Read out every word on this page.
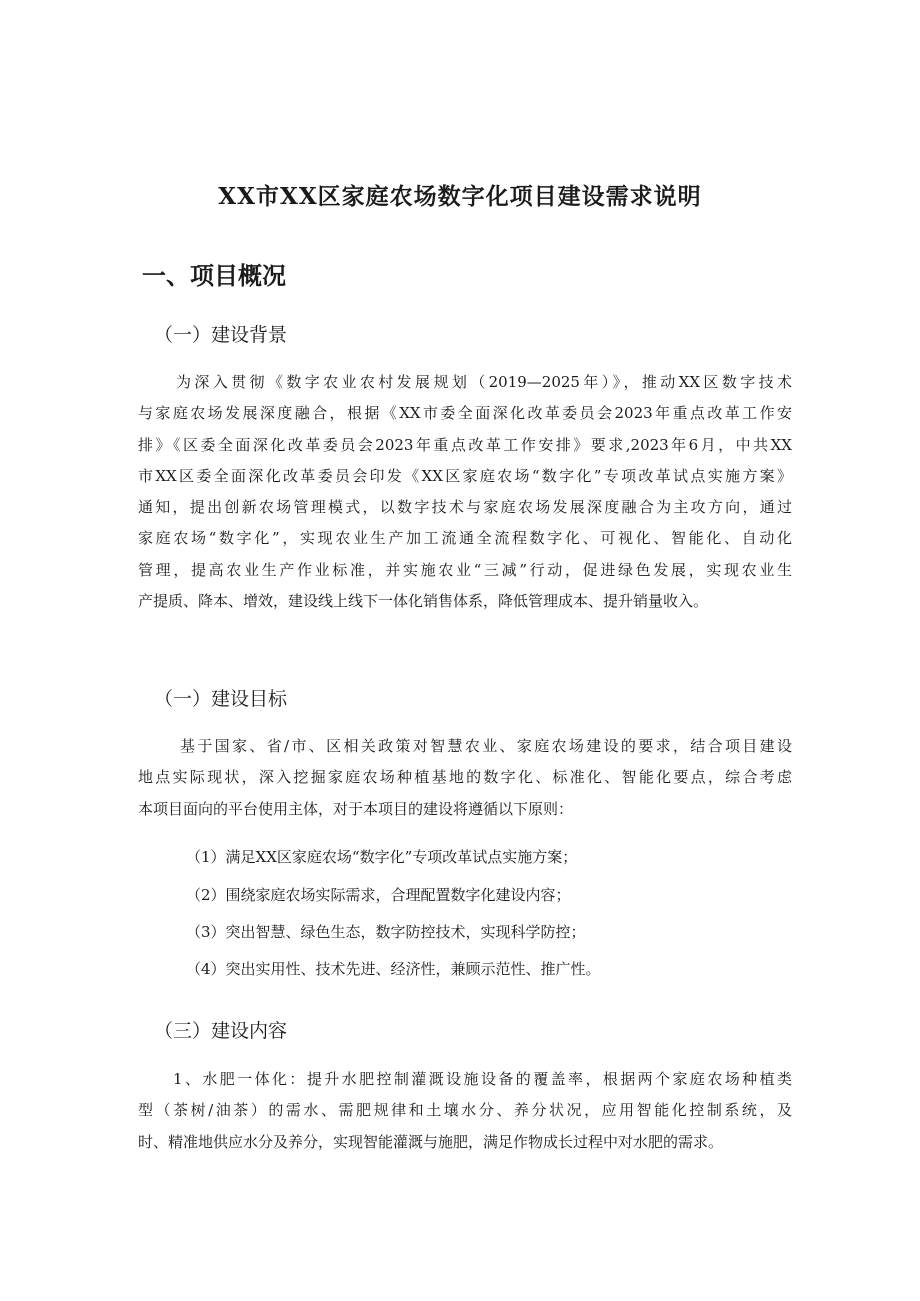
XX市XX区家庭农场数字化项目建设需求说明
一、项目概况
（一）建设背景
为深入贯彻《数字农业农村发展规划（2019—2025年）》，推动XX区数字技术
与家庭农场发展深度融合，根据《XX市委全面深化改革委员会2023年重点改革工作安
排》《区委全面深化改革委员会2023年重点改革工作安排》要求,2023年6月，中共XX
市XX区委全面深化改革委员会印发《XX区家庭农场“数字化”专项改革试点实施方案》
通知，提出创新农场管理模式，以数字技术与家庭农场发展深度融合为主攻方向，通过
家庭农场“数字化”，实现农业生产加工流通全流程数字化、可视化、智能化、自动化
管理，提高农业生产作业标准，并实施农业“三减”行动，促进绿色发展，实现农业生
产提质、降本、增效，建设线上线下一体化销售体系，降低管理成本、提升销量收入。
（一）建设目标
基于国家、省/市、区相关政策对智慧农业、家庭农场建设的要求，结合项目建设
地点实际现状，深入挖掘家庭农场种植基地的数字化、标准化、智能化要点，综合考虑
本项目面向的平台使用主体，对于本项目的建设将遵循以下原则：
（1）满足XX区家庭农场“数字化”专项改革试点实施方案；
（2）围绕家庭农场实际需求，合理配置数字化建设内容；
（3）突出智慧、绿色生态，数字防控技术，实现科学防控；
（4）突出实用性、技术先进、经济性，兼顾示范性、推广性。
（三）建设内容
1、水肥一体化：提升水肥控制灌溉设施设备的覆盖率，根据两个家庭农场种植类
型（茶树/油茶）的需水、需肥规律和土壤水分、养分状况，应用智能化控制系统，及
时、精准地供应水分及养分，实现智能灌溉与施肥，满足作物成长过程中对水肥的需求。
